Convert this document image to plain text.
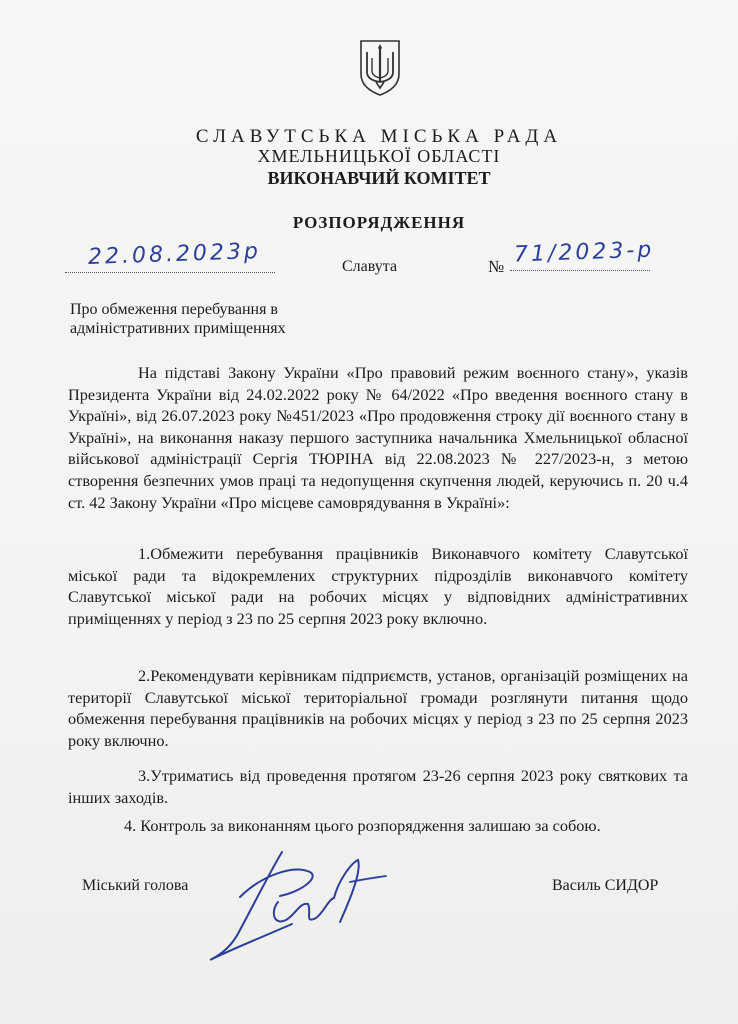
СЛАВУТСЬКА МІСЬКА РАДА
ХМЕЛЬНИЦЬКОЇ ОБЛАСТІ
ВИКОНАВЧИЙ КОМІТЕТ
РОЗПОРЯДЖЕННЯ
22.08.2023р	Славута	№ 71/2023-р
Про обмеження перебування в адміністративних приміщеннях
На підставі Закону України «Про правовий режим воєнного стану», указів Президента України від 24.02.2022 року № 64/2022 «Про введення воєнного стану в Україні», від 26.07.2023 року №451/2023 «Про продовження строку дії воєнного стану в Україні», на виконання наказу першого заступника начальника Хмельницької обласної військової адміністрації Сергія ТЮРІНА від 22.08.2023 № 227/2023-н, з метою створення безпечних умов праці та недопущення скупчення людей, керуючись п. 20 ч.4 ст. 42 Закону України «Про місцеве самоврядування в Україні»:
1.Обмежити перебування працівників Виконавчого комітету Славутської міської ради та відокремлених структурних підрозділів виконавчого комітету Славутської міської ради на робочих місцях у відповідних адміністративних приміщеннях у період з 23 по 25 серпня 2023 року включно.
2.Рекомендувати керівникам підприємств, установ, організацій розміщених на території Славутської міської територіальної громади розглянути питання щодо обмеження перебування працівників на робочих місцях у період з 23 по 25 серпня 2023 року включно.
3.Утриматись від проведення протягом 23-26 серпня 2023 року святкових та інших заходів.
4. Контроль за виконанням цього розпорядження залишаю за собою.
Міський голова	Василь СИДОР
